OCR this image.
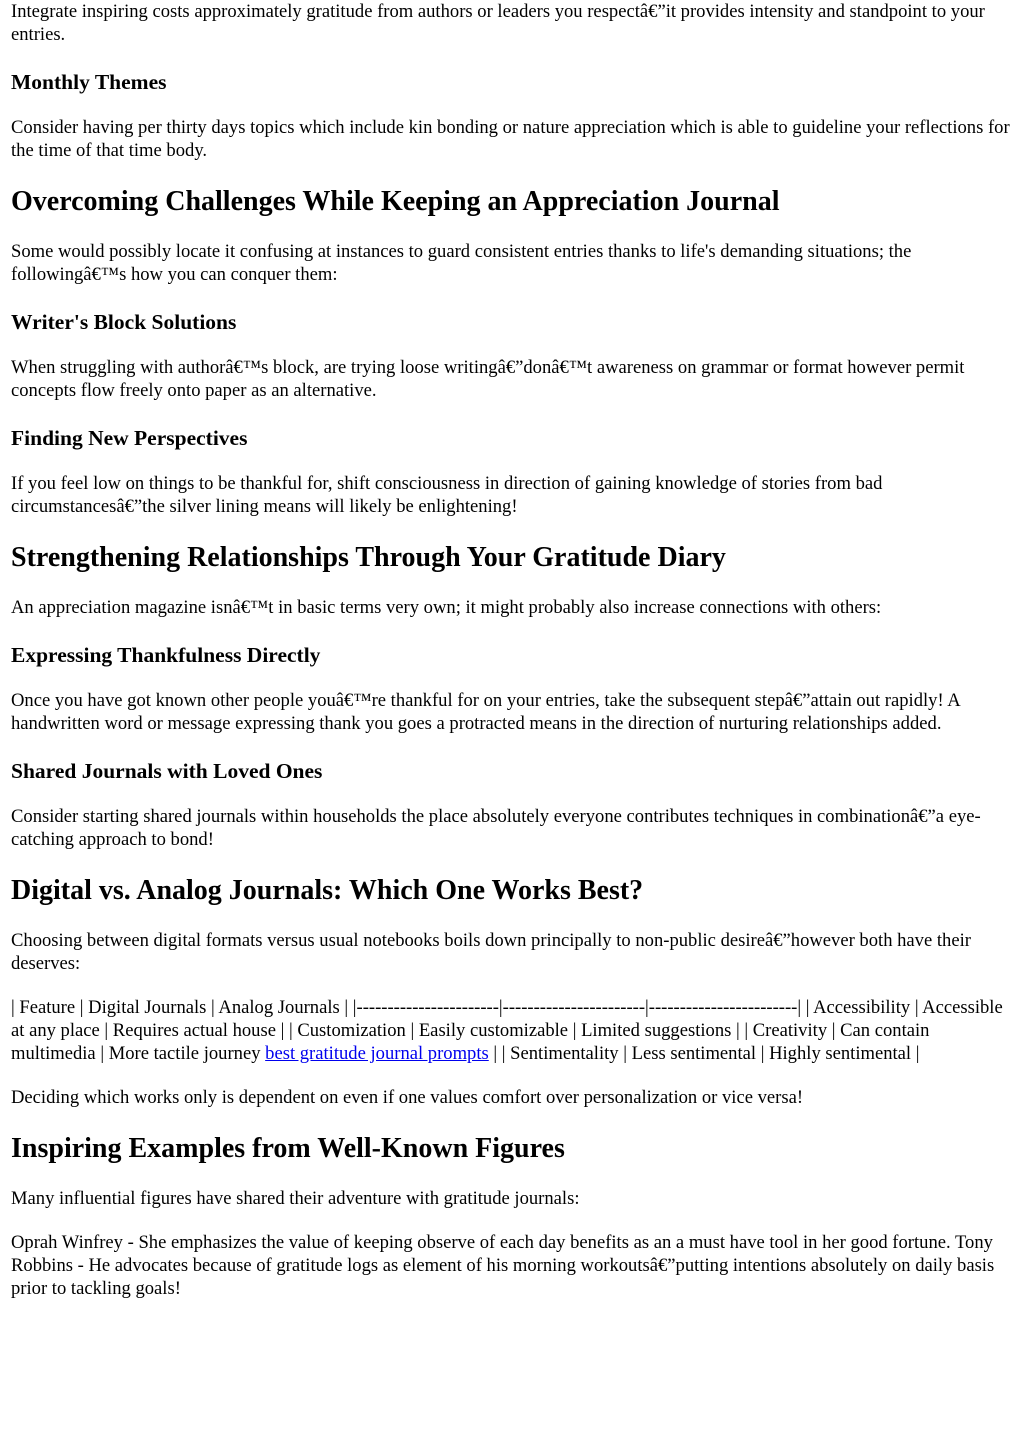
Integrate inspiring costs approximately gratitude from authors or leaders you respectâ€”it provides intensity and standpoint to your entries.

Monthly Themes

Consider having per thirty days topics which include kin bonding or nature appreciation which is able to guideline your reflections for the time of that time body.

Overcoming Challenges While Keeping an Appreciation Journal

Some would possibly locate it confusing at instances to guard consistent entries thanks to life's demanding situations; the followingâ€™s how you can conquer them:

Writer's Block Solutions

When struggling with authorâ€™s block, are trying loose writingâ€”donâ€™t awareness on grammar or format however permit concepts flow freely onto paper as an alternative.

Finding New Perspectives

If you feel low on things to be thankful for, shift consciousness in direction of gaining knowledge of stories from bad circumstancesâ€”the silver lining means will likely be enlightening!

Strengthening Relationships Through Your Gratitude Diary

An appreciation magazine isnâ€™t in basic terms very own; it might probably also increase connections with others:

Expressing Thankfulness Directly

Once you have got known other people youâ€™re thankful for on your entries, take the subsequent stepâ€”attain out rapidly! A handwritten word or message expressing thank you goes a protracted means in the direction of nurturing relationships added.

Shared Journals with Loved Ones

Consider starting shared journals within households the place absolutely everyone contributes techniques in combinationâ€”a eye-catching approach to bond!

Digital vs. Analog Journals: Which One Works Best?

Choosing between digital formats versus usual notebooks boils down principally to non-public desireâ€”however both have their deserves:

| Feature | Digital Journals | Analog Journals | |-----------------------|-----------------------|------------------------| | Accessibility | Accessible at any place | Requires actual house | | Customization | Easily customizable | Limited suggestions | | Creativity | Can contain multimedia | More tactile journey best gratitude journal prompts | | Sentimentality | Less sentimental | Highly sentimental |

Deciding which works only is dependent on even if one values comfort over personalization or vice versa!

Inspiring Examples from Well-Known Figures

Many influential figures have shared their adventure with gratitude journals:

Oprah Winfrey - She emphasizes the value of keeping observe of each day benefits as an a must have tool in her good fortune. Tony Robbins - He advocates because of gratitude logs as element of his morning workoutsâ€”putting intentions absolutely on daily basis prior to tackling goals!
